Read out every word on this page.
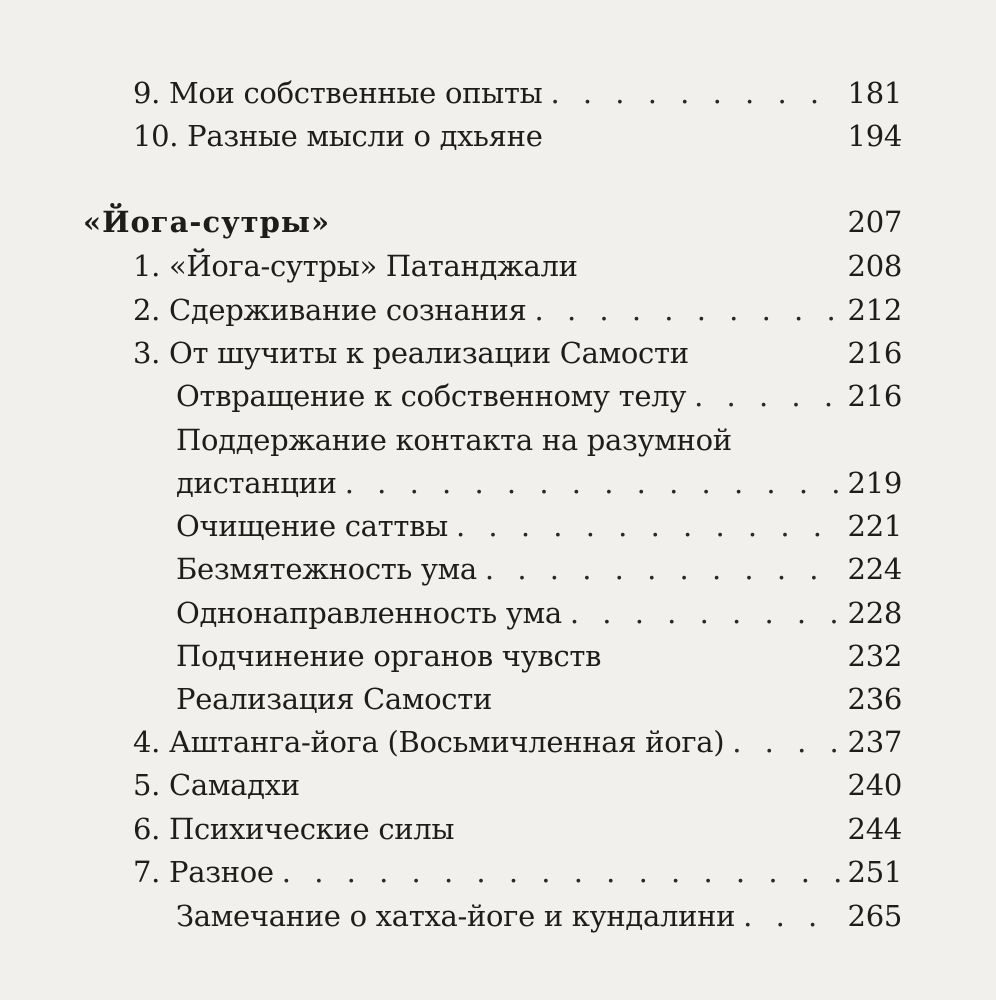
9. Мои собственные опыты . . .	181
10. Разные мысли о дхьяне	194
«Йога-сутры»	207
1. «Йога-сутры» Патанджали	208
2. Сдерживание сознания . . .	212
3. От шучиты к реализации Самости	216
Отвращение к собственному телу . . .	216
Поддержание контакта на разумной
дистанции . . .	219
Очищение саттвы . . .	221
Безмятежность ума . . .	224
Однонаправленность ума . . .	228
Подчинение органов чувств	232
Реализация Самости	236
4. Аштанга-йога (Восьмичленная йога) . . .	237
5. Самадхи	240
6. Психические силы	244
7. Разное . . .	251
Замечание о хатха-йоге и кундалини . . .	265
